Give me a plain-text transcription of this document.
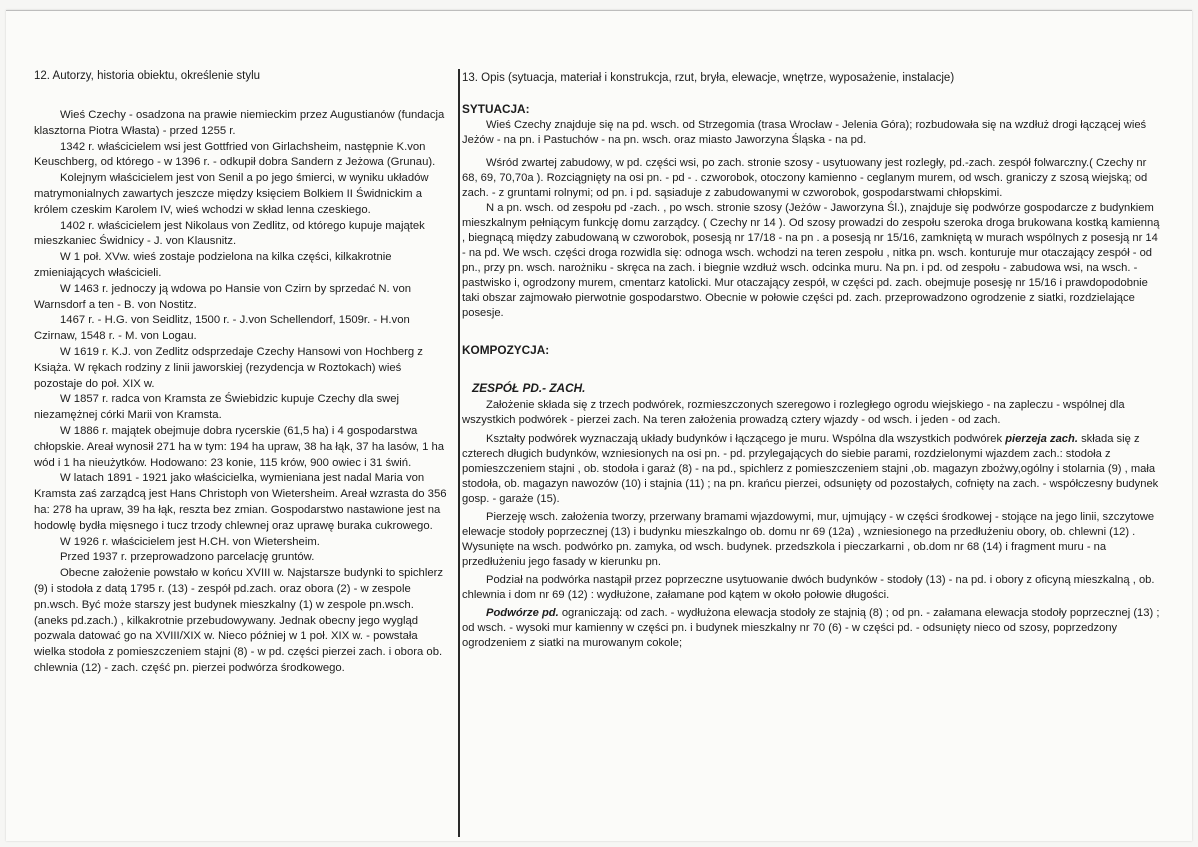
12. Autorzy, historia obiektu, określenie stylu

Wieś Czechy - osadzona na prawie niemieckim przez Augustianów (fundacja klasztorna Piotra Własta) - przed 1255 r.

1342 r. właścicielem wsi jest Gottfried von Girlachsheim, następnie K.von Keuschberg, od którego - w 1396 r. - odkupił dobra Sandern z Jeżowa (Grunau).

Kolejnym właścicielem jest von Senil a po jego śmierci, w wyniku układów matrymonialnych zawartych jeszcze między księciem Bolkiem II Świdnickim a królem czeskim Karolem IV, wieś wchodzi w skład lenna czeskiego.

1402 r. właścicielem jest Nikolaus von Zedlitz, od którego kupuje majątek mieszkaniec Świdnicy - J. von Klausnitz.

W 1 poł. XVw. wieś zostaje podzielona na kilka części, kilkakrotnie zmieniających właścicieli.

W 1463 r. jednoczy ją wdowa po Hansie von Czirn by sprzedać N. von Warnsdorf a ten - B. von Nostitz.

1467 r. - H.G. von Seidlitz, 1500 r. - J.von Schellendorf, 1509r. - H.von Czirnaw, 1548 r. - M. von Logau.

W 1619 r. K.J. von Zedlitz odsprzedaje Czechy Hansowi von Hochberg z Książa. W rękach rodziny z linii jaworskiej (rezydencja w Roztokach) wieś pozostaje do poł. XIX w.

W 1857 r. radca von Kramsta ze Świebidzic kupuje Czechy dla swej niezamężnej córki Marii von Kramsta.

W 1886 r. majątek obejmuje dobra rycerskie (61,5 ha) i 4 gospodarstwa chłopskie. Areał wynosił 271 ha w tym: 194 ha upraw, 38 ha łąk, 37 ha lasów, 1 ha wód i 1 ha nieużytków. Hodowano: 23 konie, 115 krów, 900 owiec i 31 świń.

W latach 1891 - 1921 jako właścicielka, wymieniana jest nadal Maria von Kramsta zaś zarządcą jest Hans Christoph von Wietersheim. Areał wzrasta do 356 ha: 278 ha upraw, 39 ha łąk, reszta bez zmian. Gospodarstwo nastawione jest na hodowlę bydła mięsnego i tucz trzody chlewnej oraz uprawę buraka cukrowego.

W 1926 r. właścicielem jest H.CH. von Wietersheim.

Przed 1937 r. przeprowadzono parcelację gruntów.

Obecne założenie powstało w końcu XVIII w. Najstarsze budynki to spichlerz (9) i stodoła z datą 1795 r. (13) - zespół pd.zach. oraz obora (2) - w zespole pn.wsch. Być może starszy jest budynek mieszkalny (1) w zespole pn.wsch. (aneks pd.zach.) , kilkakrotnie przebudowywany. Jednak obecny jego wygląd pozwala datować go na XVIII/XIX w. Nieco później w 1 poł. XIX w. - powstała wielka stodoła z pomieszczeniem stajni (8) - w pd. części pierzei zach. i obora ob. chlewnia (12) - zach. część pn. pierzei podwórza środkowego.

13. Opis (sytuacja, materiał i konstrukcja, rzut, bryła, elewacje, wnętrze, wyposażenie, instalacje)
SYTUACJA:

Wieś Czechy znajduje się na pd. wsch. od Strzegomia (trasa Wrocław - Jelenia Góra); rozbudowała się na wzdłuż drogi łączącej wieś Jeżów - na pn. i Pastuchów - na pn. wsch. oraz miasto Jaworzyna Śląska - na pd.

Wśród zwartej zabudowy, w pd. części wsi, po zach. stronie szosy - usytuowany jest rozległy, pd.-zach. zespół folwarczny.( Czechy nr 68, 69, 70,70a ). Rozciągnięty na osi pn. - pd - . czworobok, otoczony kamienno - ceglanym murem, od wsch. graniczy z szosą wiejską; od zach. - z gruntami rolnymi; od pn. i pd. sąsiaduje z zabudowanymi w czworobok, gospodarstwami chłopskimi.

N a pn. wsch. od zespołu pd -zach. , po wsch. stronie szosy (Jeżów - Jaworzyna Śl.), znajduje się podwórze gospodarcze z budynkiem mieszkalnym pełniącym funkcję domu zarządcy. ( Czechy nr 14 ). Od szosy prowadzi do zespołu szeroka droga brukowana kostką kamienną , biegnącą między zabudowaną w czworobok, posesją nr 17/18 - na pn . a posesją nr 15/16, zamkniętą w murach wspólnych z posesją nr 14 - na pd. We wsch. części droga rozwidla się: odnoga wsch. wchodzi na teren zespołu , nitka pn. wsch. konturuje mur otaczający zespół - od pn., przy pn. wsch. narożniku - skręca na zach. i biegnie wzdłuż wsch. odcinka muru. Na pn. i pd. od zespołu - zabudowa wsi, na wsch. - pastwisko i, ogrodzony murem, cmentarz katolicki. Mur otaczający zespół, w części pd. zach. obejmuje posesję nr 15/16 i prawdopodobnie taki obszar zajmowało pierwotnie gospodarstwo. Obecnie w połowie części pd. zach. przeprowadzono ogrodzenie z siatki, rozdzielające posesje.

KOMPOZYCJA:
ZESPÓŁ PD.- ZACH.

Założenie składa się z trzech podwórek, rozmieszczonych szeregowo i rozległego ogrodu wiejskiego - na zapleczu - wspólnej dla wszystkich podwórek - pierzei zach. Na teren założenia prowadzą cztery wjazdy - od wsch. i jeden - od zach.

Kształty podwórek wyznaczają układy budynków i łączącego je muru. Wspólna dla wszystkich podwórek pierzeja zach. składa się z czterech długich budynków, wzniesionych na osi pn. - pd. przylegających do siebie parami, rozdzielonymi wjazdem zach.: stodoła z pomieszczeniem stajni , ob. stodoła i garaż (8) - na pd., spichlerz z pomieszczeniem stajni ,ob. magazyn zbożwy,ogólny i stolarnia (9) , mała stodoła, ob. magazyn nawozów (10) i stajnia (11) ; na pn. krańcu pierzei, odsunięty od pozostałych, cofnięty na zach. - współczesny budynek gosp. - garaże (15).

Pierzeję wsch. założenia tworzy, przerwany bramami wjazdowymi, mur, ujmujący - w części środkowej - stojące na jego linii, szczytowe elewacje stodoły poprzecznej (13) i budynku mieszkalngo ob. domu nr 69 (12a) , wzniesionego na przedłużeniu obory, ob. chlewni (12) . Wysunięte na wsch. podwórko pn. zamyka, od wsch. budynek. przedszkola i pieczarkarni , ob.dom nr 68 (14) i fragment muru - na przedłużeniu jego fasady w kierunku pn.

Podział na podwórka nastąpił przez poprzeczne usytuowanie dwóch budynków - stodoły (13) - na pd. i obory z oficyną mieszkalną , ob. chlewnia i dom nr 69 (12) : wydłużone, załamane pod kątem w około połowie długości.

Podwórze pd. ograniczają: od zach. - wydłużona elewacja stodoły ze stajnią (8) ; od pn. - załamana elewacja stodoły poprzecznej (13) ; od wsch. - wysoki mur kamienny w części pn. i budynek mieszkalny nr 70 (6) - w części pd. - odsunięty nieco od szosy, poprzedzony ogrodzeniem z siatki na murowanym cokole;
